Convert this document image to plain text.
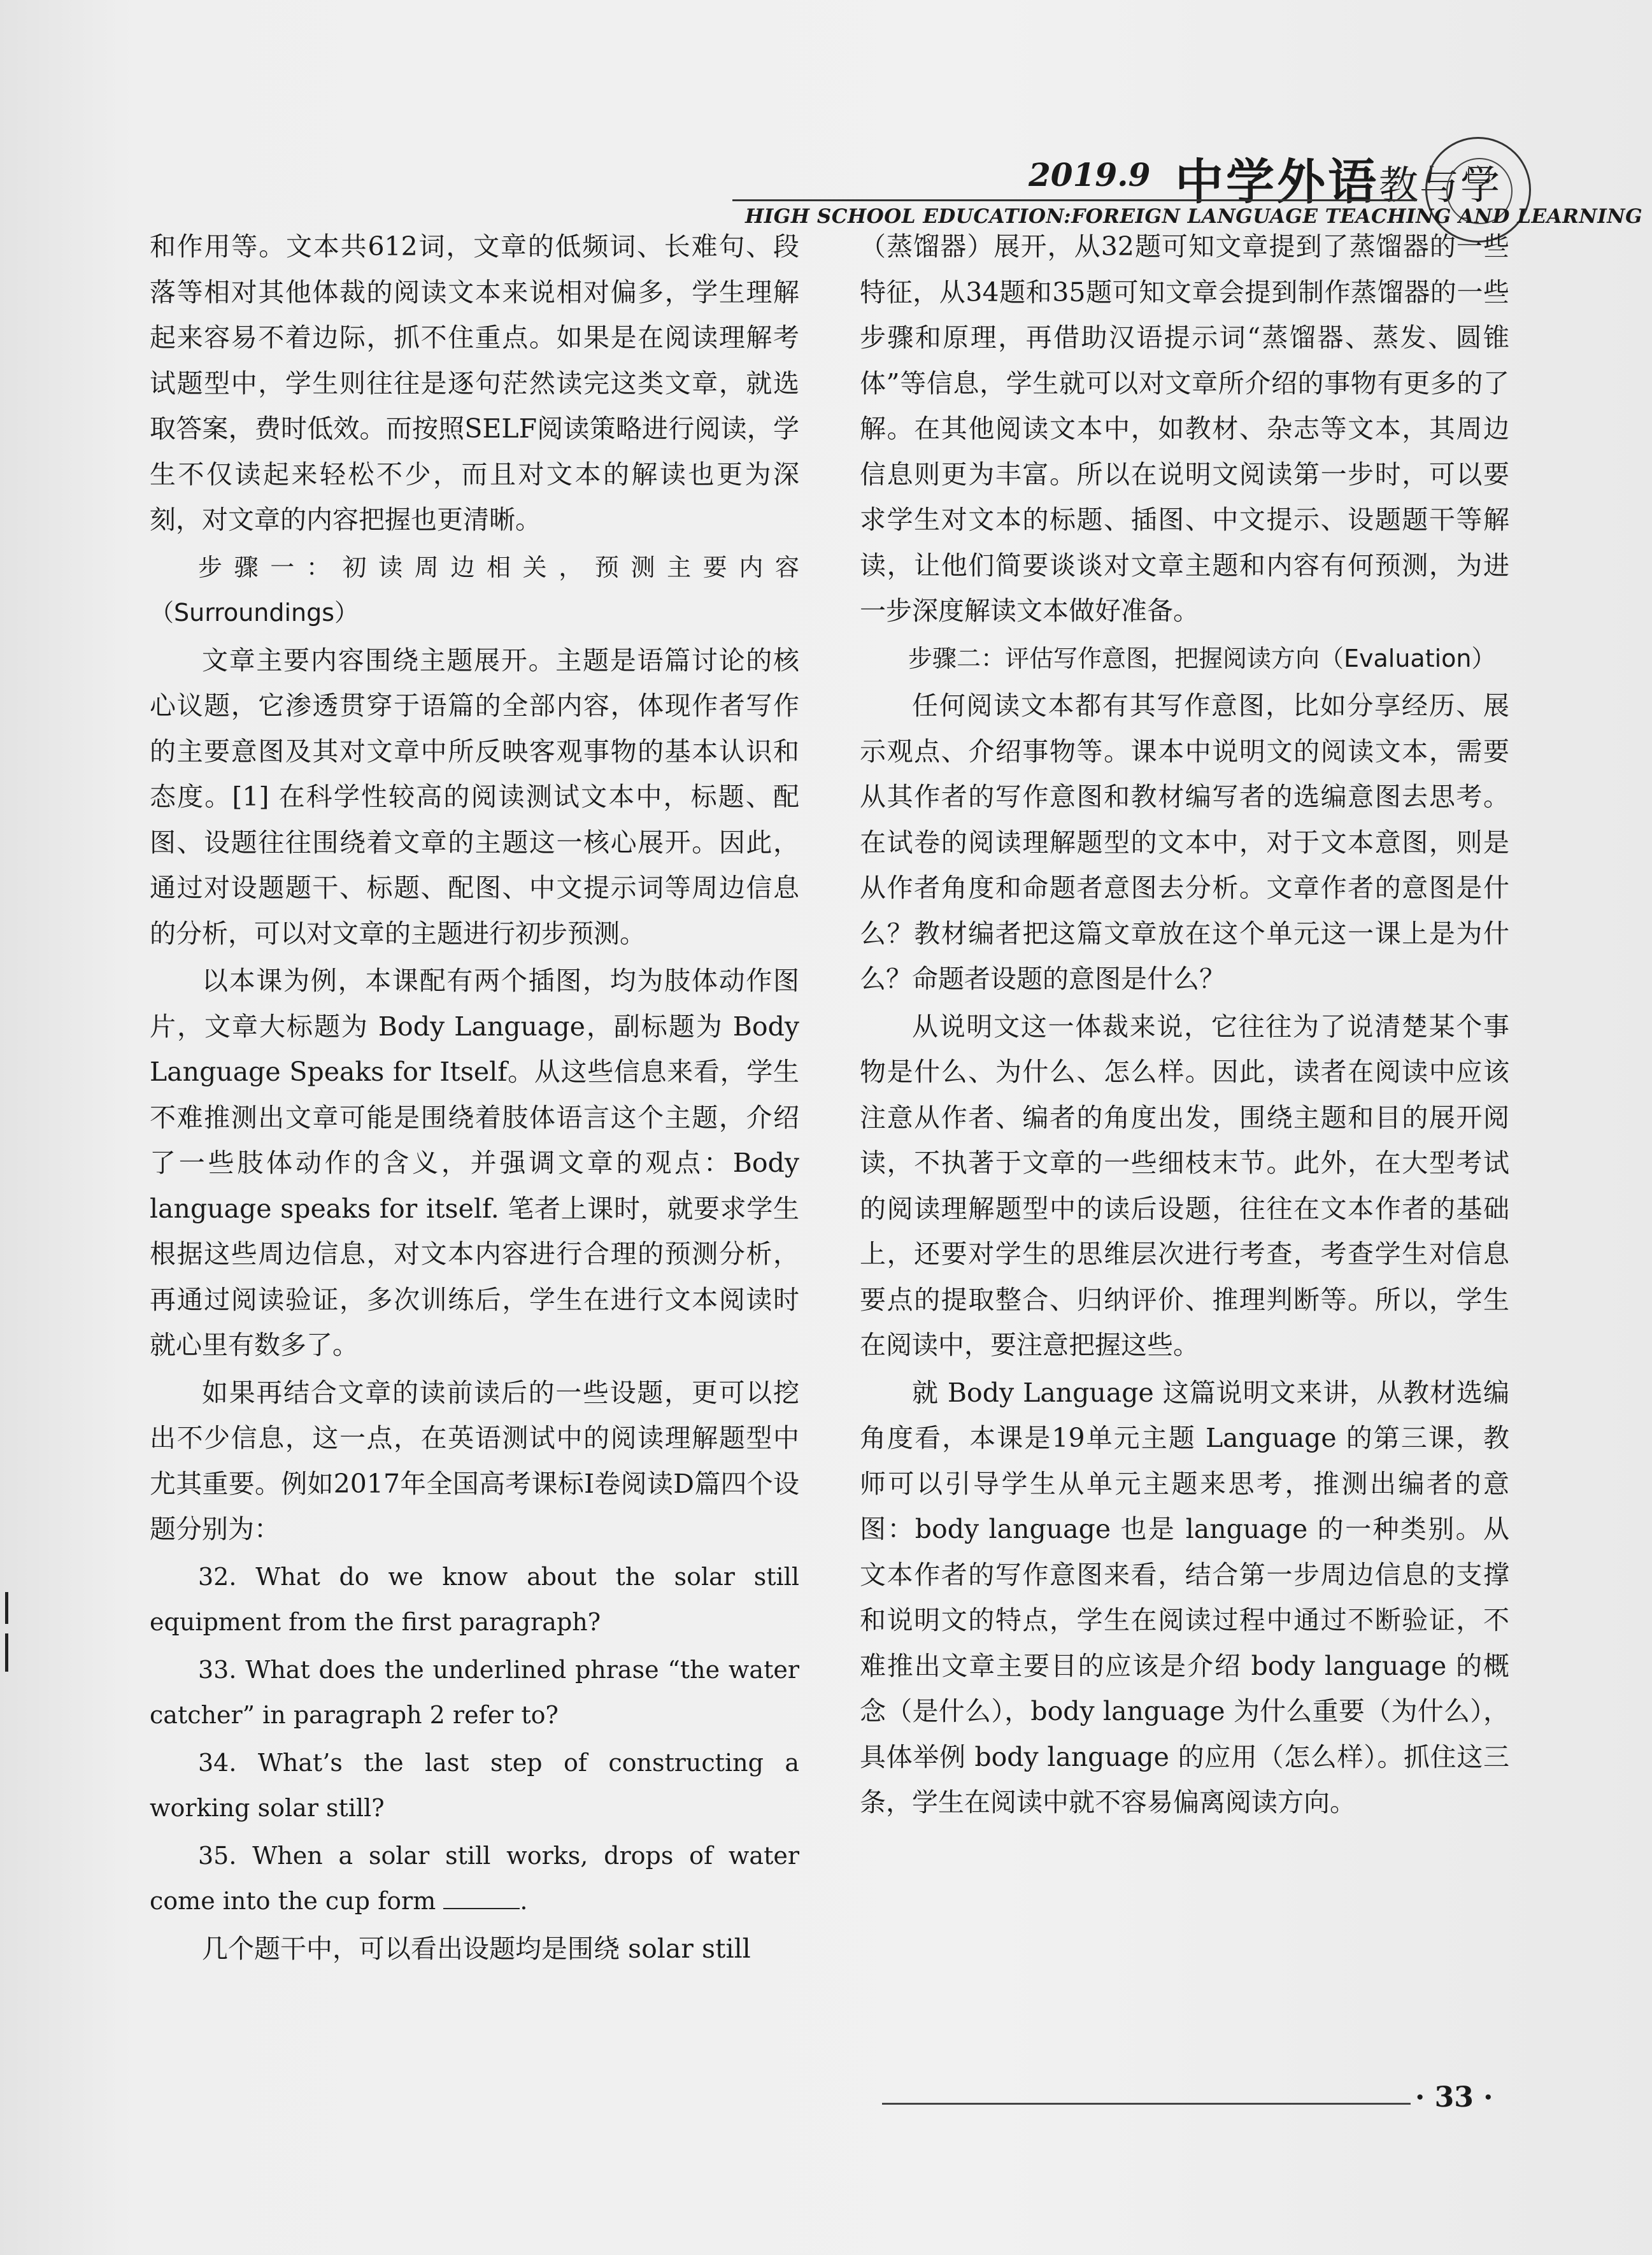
2019.9 中学外语教与学
HIGH SCHOOL EDUCATION:FOREIGN LANGUAGE TEACHING AND LEARNING

和作用等。文本共612词，文章的低频词、长难句、段落等相对其他体裁的阅读文本来说相对偏多，学生理解起来容易不着边际，抓不住重点。如果是在阅读理解考试题型中，学生则往往是逐句茫然读完这类文章，就选取答案，费时低效。而按照SELF阅读策略进行阅读，学生不仅读起来轻松不少，而且对文本的解读也更为深刻，对文章的内容把握也更清晰。

步骤一：初读周边相关，预测主要内容（Surroundings）

文章主要内容围绕主题展开。主题是语篇讨论的核心议题，它渗透贯穿于语篇的全部内容，体现作者写作的主要意图及其对文章中所反映客观事物的基本认识和态度。[1] 在科学性较高的阅读测试文本中，标题、配图、设题往往围绕着文章的主题这一核心展开。因此，通过对设题题干、标题、配图、中文提示词等周边信息的分析，可以对文章的主题进行初步预测。

以本课为例，本课配有两个插图，均为肢体动作图片，文章大标题为 Body Language，副标题为 Body Language Speaks for Itself。从这些信息来看，学生不难推测出文章可能是围绕着肢体语言这个主题，介绍了一些肢体动作的含义，并强调文章的观点：Body language speaks for itself. 笔者上课时，就要求学生根据这些周边信息，对文本内容进行合理的预测分析，再通过阅读验证，多次训练后，学生在进行文本阅读时就心里有数多了。

如果再结合文章的读前读后的一些设题，更可以挖出不少信息，这一点，在英语测试中的阅读理解题型中尤其重要。例如2017年全国高考课标Ⅰ卷阅读D篇四个设题分别为：

32. What do we know about the solar still equipment from the first paragraph?

33. What does the underlined phrase “the water catcher” in paragraph 2 refer to?

34. What’s the last step of constructing a working solar still?

35. When a solar still works, drops of water come into the cup form	.

几个题干中，可以看出设题均是围绕 solar still

（蒸馏器）展开，从32题可知文章提到了蒸馏器的一些特征，从34题和35题可知文章会提到制作蒸馏器的一些步骤和原理，再借助汉语提示词“蒸馏器、蒸发、圆锥体”等信息，学生就可以对文章所介绍的事物有更多的了解。在其他阅读文本中，如教材、杂志等文本，其周边信息则更为丰富。所以在说明文阅读第一步时，可以要求学生对文本的标题、插图、中文提示、设题题干等解读，让他们简要谈谈对文章主题和内容有何预测，为进一步深度解读文本做好准备。

步骤二：评估写作意图，把握阅读方向（Evaluation）

任何阅读文本都有其写作意图，比如分享经历、展示观点、介绍事物等。课本中说明文的阅读文本，需要从其作者的写作意图和教材编写者的选编意图去思考。在试卷的阅读理解题型的文本中，对于文本意图，则是从作者角度和命题者意图去分析。文章作者的意图是什么？教材编者把这篇文章放在这个单元这一课上是为什么？命题者设题的意图是什么？

从说明文这一体裁来说，它往往为了说清楚某个事物是什么、为什么、怎么样。因此，读者在阅读中应该注意从作者、编者的角度出发，围绕主题和目的展开阅读，不执著于文章的一些细枝末节。此外，在大型考试的阅读理解题型中的读后设题，往往在文本作者的基础上，还要对学生的思维层次进行考查，考查学生对信息要点的提取整合、归纳评价、推理判断等。所以，学生在阅读中，要注意把握这些。

就 Body Language 这篇说明文来讲，从教材选编角度看，本课是19单元主题 Language 的第三课，教师可以引导学生从单元主题来思考，推测出编者的意图：body language 也是 language 的一种类别。从文本作者的写作意图来看，结合第一步周边信息的支撑和说明文的特点，学生在阅读过程中通过不断验证，不难推出文章主要目的应该是介绍 body language 的概念（是什么），body language 为什么重要（为什么），具体举例 body language 的应用（怎么样）。抓住这三条，学生在阅读中就不容易偏离阅读方向。

· 33 ·
